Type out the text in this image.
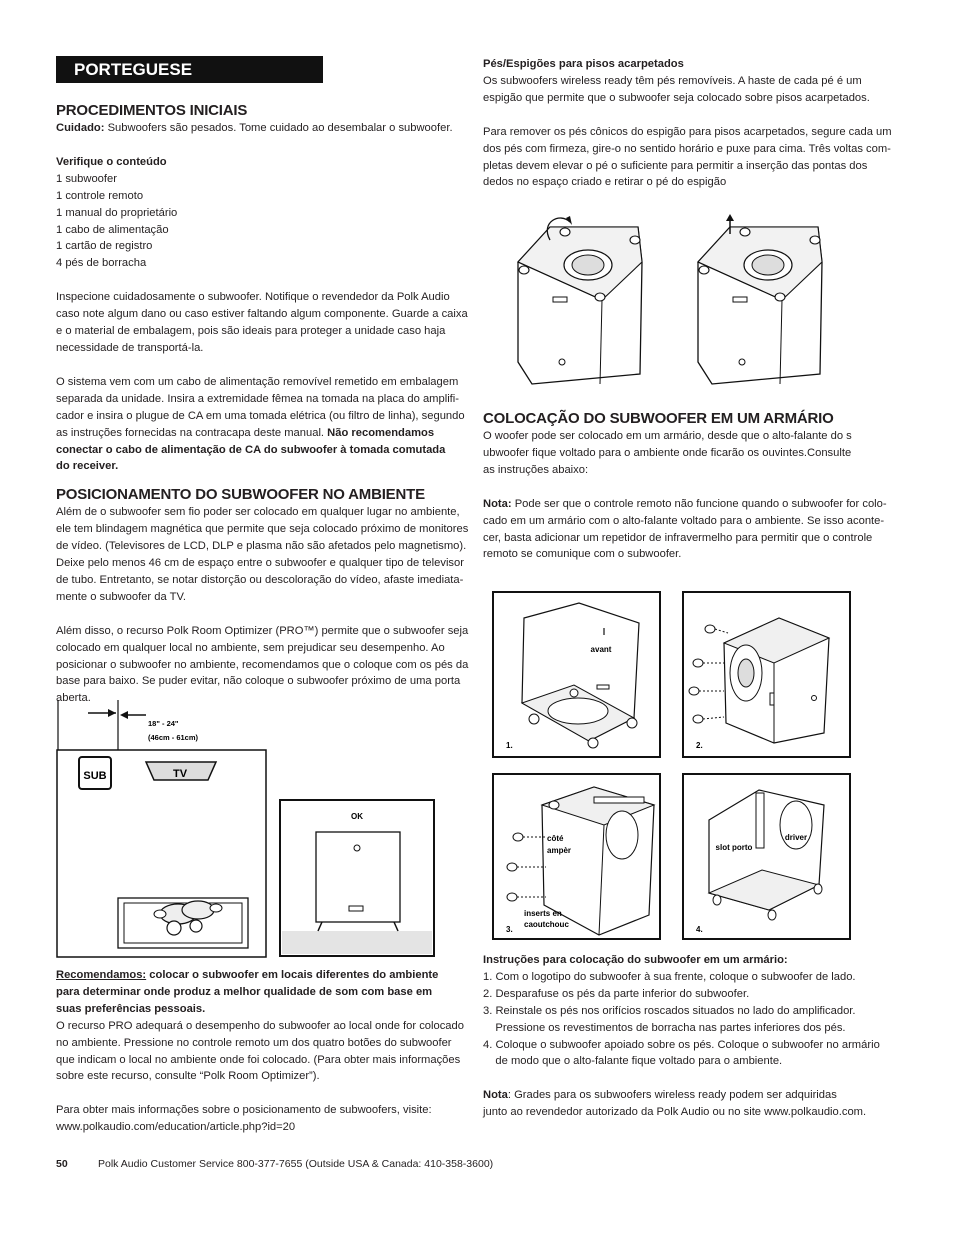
PORTEGUESE
PROCEDIMENTOS INICIAIS

Cuidado: Subwoofers são pesados. Tome cuidado ao desembalar o subwoofer.

Verifique o conteúdo

1 subwoofer
1 controle remoto
1 manual do proprietário
1 cabo de alimentação
1 cartão de registro
4 pés de borracha
Inspecione cuidadosamente o subwoofer. Notifique o revendedor da Polk Audio
caso note algum dano ou caso estiver faltando algum componente. Guarde a caixa
e o material de embalagem, pois são ideais para proteger a unidade caso haja
necessidade de transportá-la.
O sistema vem com um cabo de alimentação removível remetido em embalagem
separada da unidade. Insira a extremidade fêmea na tomada na placa do amplifi-
cador e insira o plugue de CA em uma tomada elétrica (ou filtro de linha), segundo
as instruções fornecidas na contracapa deste manual. Não recomendamos
conectar o cabo de alimentação de CA do subwoofer à tomada comutada
do receiver.
POSICIONAMENTO DO SUBWOOFER NO AMBIENTE
Além de o subwoofer sem fio poder ser colocado em qualquer lugar no ambiente,
ele tem blindagem magnética que permite que seja colocado próximo de monitores
de vídeo. (Televisores de LCD, DLP e plasma não são afetados pelo magnetismo).
Deixe pelo menos 46 cm de espaço entre o subwoofer e qualquer tipo de televisor
de tubo. Entretanto, se notar distorção ou descoloração do vídeo, afaste imediata-
mente o subwoofer da TV.
Além disso, o recurso Polk Room Optimizer (PRO™) permite que o subwoofer seja
colocado em qualquer local no ambiente, sem prejudicar seu desempenho. Ao
posicionar o subwoofer no ambiente, recomendamos que o coloque com os pés da
base para baixo. Se puder evitar, não coloque o subwoofer próximo de uma porta
aberta.
18" - 24"
(46cm - 61cm)
SUB	TV
OK
Recomendamos: colocar o subwoofer em locais diferentes do ambiente
para determinar onde produz a melhor qualidade de som com base em
suas preferências pessoais.
O recurso PRO adequará o desempenho do subwoofer ao local onde for colocado
no ambiente. Pressione no controle remoto um dos quatro botões do subwoofer
que indicam o local no ambiente onde foi colocado. (Para obter mais informações
sobre este recurso, consulte “Polk Room Optimizer”).
Para obter mais informações sobre o posicionamento de subwoofers, visite:
www.polkaudio.com/education/article.php?id=20
Pés/Espigões para pisos acarpetados
Os subwoofers wireless ready têm pés removíveis. A haste de cada pé é um
espigão que permite que o subwoofer seja colocado sobre pisos acarpetados.
Para remover os pés cônicos do espigão para pisos acarpetados, segure cada um
dos pés com firmeza, gire-o no sentido horário e puxe para cima. Três voltas com-
pletas devem elevar o pé o suficiente para permitir a inserção das pontas dos
dedos no espaço criado e retirar o pé do espigão
COLOCAÇÃO DO SUBWOOFER EM UM ARMÁRIO
O woofer pode ser colocado em um armário, desde que o alto-falante do s
ubwoofer fique voltado para o ambiente onde ficarão os ouvintes.Consulte
as instruções abaixo:
Nota: Pode ser que o controle remoto não funcione quando o subwoofer for colo-
cado em um armário com o alto-falante voltado para o ambiente. Se isso aconte-
cer, basta adicionar um repetidor de infravermelho para permitir que o controle
remoto se comunique com o subwoofer.
avant
1.	2.
côté
ampèr
inserts en
caoutchouc
3.
slot porto
driver
4.
Instruções para colocação do subwoofer em um armário:
1. Com o logotipo do subwoofer à sua frente, coloque o subwoofer de lado.
2. Desparafuse os pés da parte inferior do subwoofer.
3. Reinstale os pés nos orifícios roscados situados no lado do amplificador.
Pressione os revestimentos de borracha nas partes inferiores dos pés.
4. Coloque o subwoofer apoiado sobre os pés. Coloque o subwoofer no armário
de modo que o alto-falante fique voltado para o ambiente.
Nota: Grades para os subwoofers wireless ready podem ser adquiridas
junto ao revendedor autorizado da Polk Audio ou no site www.polkaudio.com.
50	Polk Audio Customer Service 800-377-7655 (Outside USA & Canada: 410-358-3600)
